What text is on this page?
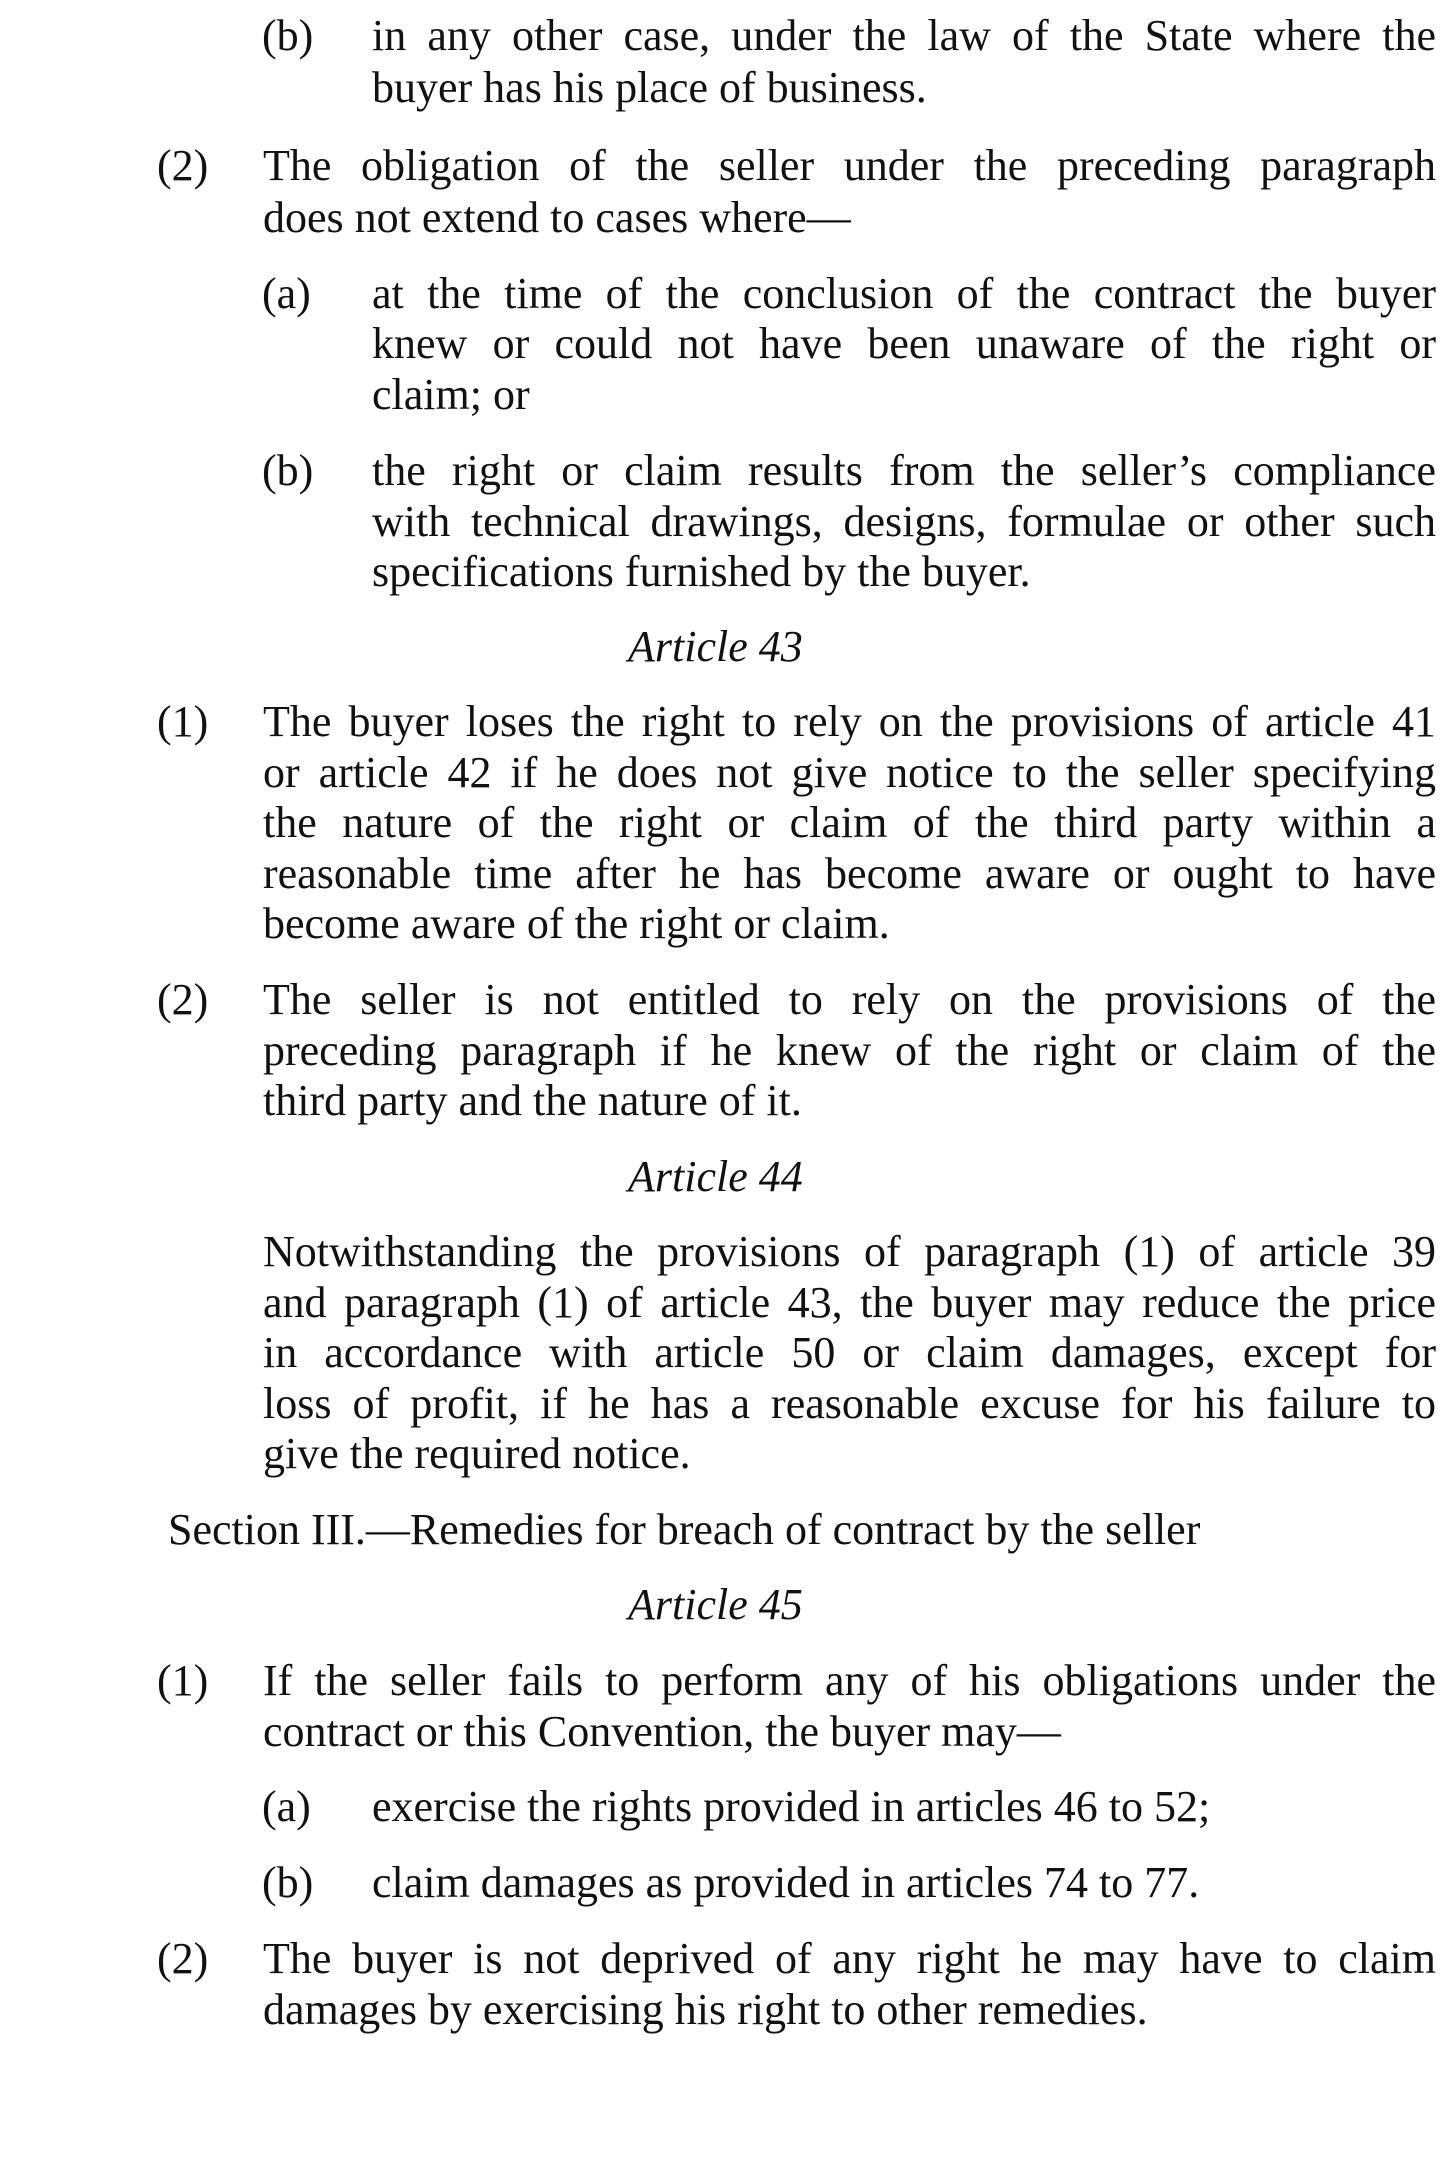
(b) in any other case, under the law of the State where the
buyer has his place of business.
(2) The obligation of the seller under the preceding paragraph
does not extend to cases where—
(a) at the time of the conclusion of the contract the buyer
knew or could not have been unaware of the right or
claim; or
(b) the right or claim results from the seller’s compliance
with technical drawings, designs, formulae or other such
specifications furnished by the buyer.
Article 43
(1) The buyer loses the right to rely on the provisions of article 41
or article 42 if he does not give notice to the seller specifying
the nature of the right or claim of the third party within a
reasonable time after he has become aware or ought to have
become aware of the right or claim.
(2) The seller is not entitled to rely on the provisions of the
preceding paragraph if he knew of the right or claim of the
third party and the nature of it.
Article 44
Notwithstanding the provisions of paragraph (1) of article 39
and paragraph (1) of article 43, the buyer may reduce the price
in accordance with article 50 or claim damages, except for
loss of profit, if he has a reasonable excuse for his failure to
give the required notice.
Section III.—Remedies for breach of contract by the seller
Article 45
(1) If the seller fails to perform any of his obligations under the
contract or this Convention, the buyer may—
(a) exercise the rights provided in articles 46 to 52;
(b) claim damages as provided in articles 74 to 77.
(2) The buyer is not deprived of any right he may have to claim
damages by exercising his right to other remedies.
